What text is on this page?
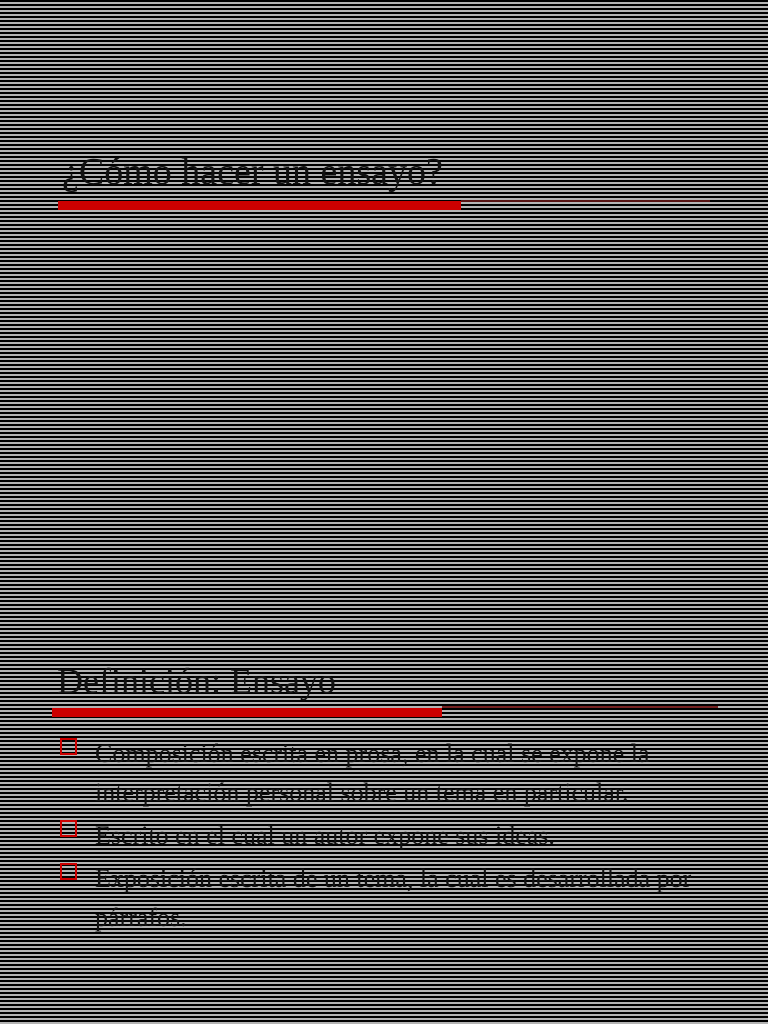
¿Cómo hacer un ensayo?
Definición: Ensayo
Composición escrita en prosa, en la cual se expone la interpretación personal sobre un tema en particular.
Escrito en el cual un autor expone sus ideas.
Exposición escrita de un tema, la cual es desarrollada por párrafos.
